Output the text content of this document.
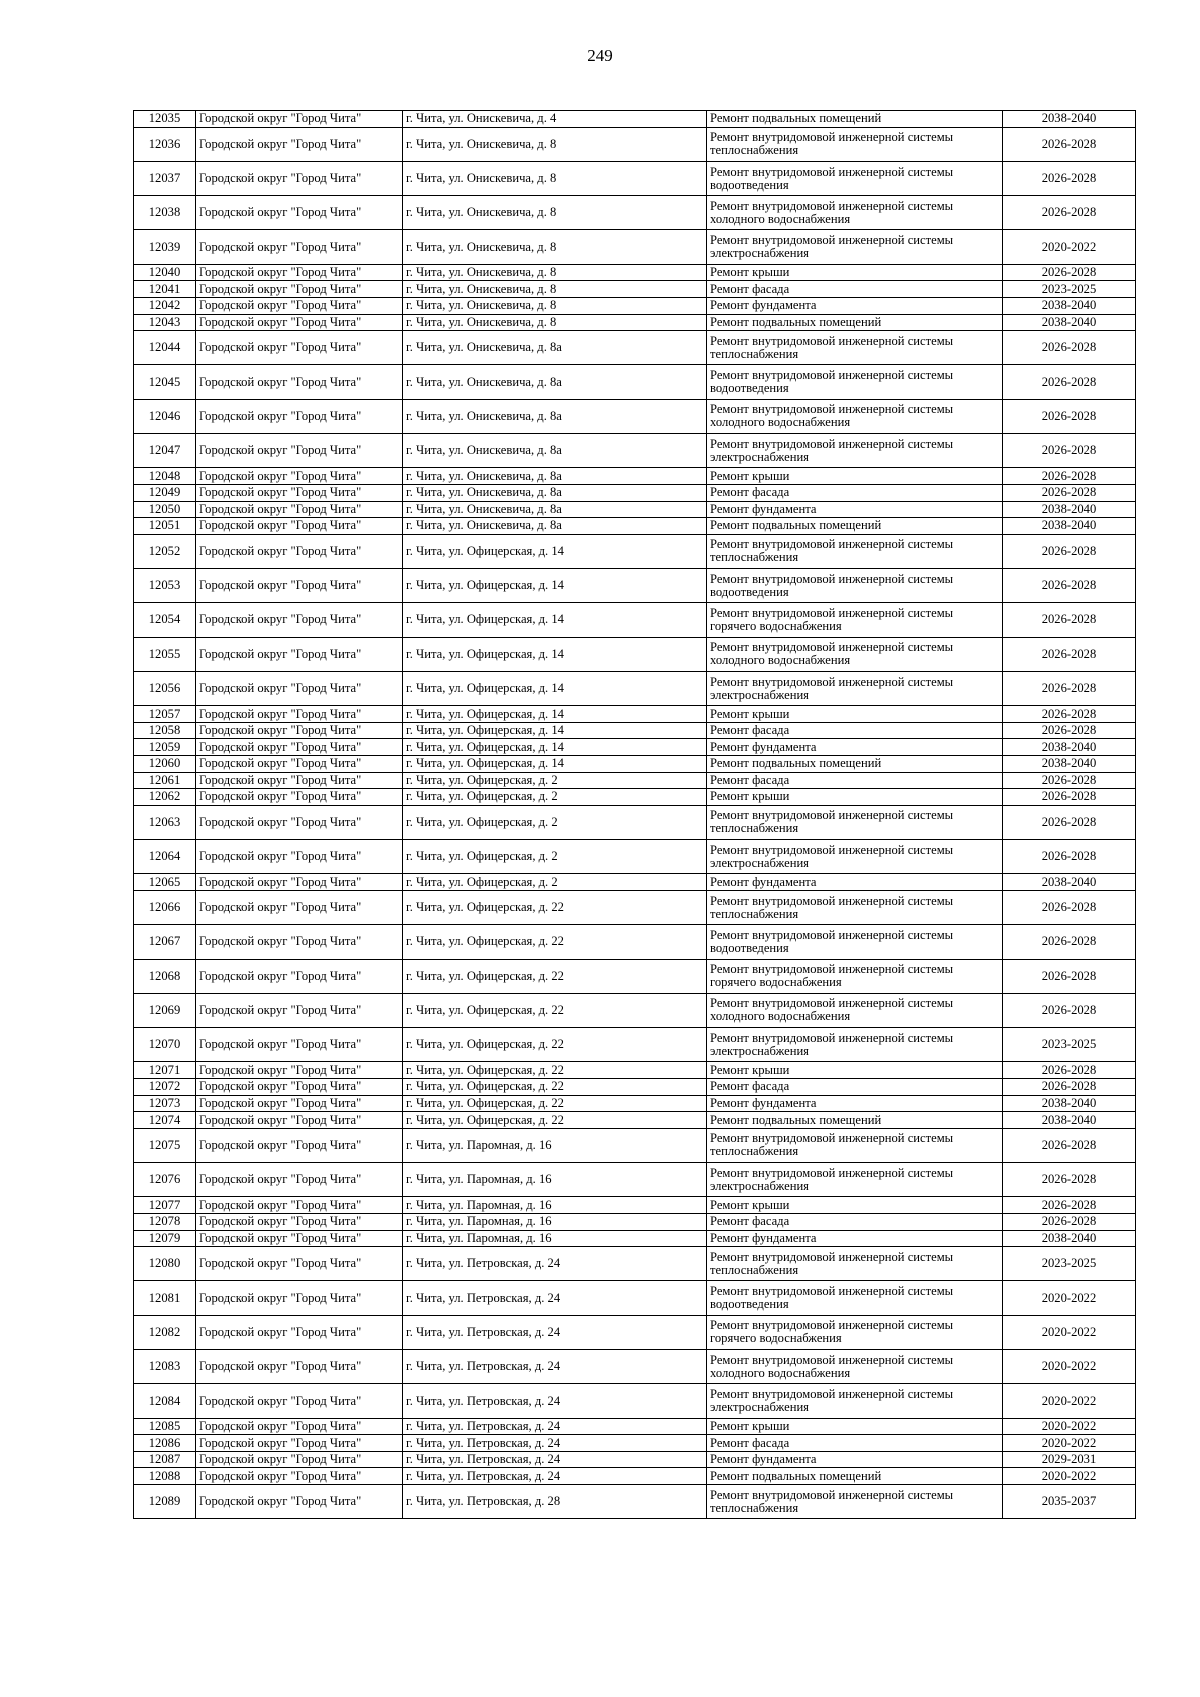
249
12035	Городской округ "Город Чита"	г. Чита, ул. Онискевича, д. 4	Ремонт подвальных помещений	2038-2040
12036	Городской округ "Город Чита"	г. Чита, ул. Онискевича, д. 8	Ремонт внутридомовой инженерной системы теплоснабжения	2026-2028
12037	Городской округ "Город Чита"	г. Чита, ул. Онискевича, д. 8	Ремонт внутридомовой инженерной системы водоотведения	2026-2028
12038	Городской округ "Город Чита"	г. Чита, ул. Онискевича, д. 8	Ремонт внутридомовой инженерной системы холодного водоснабжения	2026-2028
12039	Городской округ "Город Чита"	г. Чита, ул. Онискевича, д. 8	Ремонт внутридомовой инженерной системы электроснабжения	2020-2022
12040	Городской округ "Город Чита"	г. Чита, ул. Онискевича, д. 8	Ремонт крыши	2026-2028
12041	Городской округ "Город Чита"	г. Чита, ул. Онискевича, д. 8	Ремонт фасада	2023-2025
12042	Городской округ "Город Чита"	г. Чита, ул. Онискевича, д. 8	Ремонт фундамента	2038-2040
12043	Городской округ "Город Чита"	г. Чита, ул. Онискевича, д. 8	Ремонт подвальных помещений	2038-2040
12044	Городской округ "Город Чита"	г. Чита, ул. Онискевича, д. 8а	Ремонт внутридомовой инженерной системы теплоснабжения	2026-2028
12045	Городской округ "Город Чита"	г. Чита, ул. Онискевича, д. 8а	Ремонт внутридомовой инженерной системы водоотведения	2026-2028
12046	Городской округ "Город Чита"	г. Чита, ул. Онискевича, д. 8а	Ремонт внутридомовой инженерной системы холодного водоснабжения	2026-2028
12047	Городской округ "Город Чита"	г. Чита, ул. Онискевича, д. 8а	Ремонт внутридомовой инженерной системы электроснабжения	2026-2028
12048	Городской округ "Город Чита"	г. Чита, ул. Онискевича, д. 8а	Ремонт крыши	2026-2028
12049	Городской округ "Город Чита"	г. Чита, ул. Онискевича, д. 8а	Ремонт фасада	2026-2028
12050	Городской округ "Город Чита"	г. Чита, ул. Онискевича, д. 8а	Ремонт фундамента	2038-2040
12051	Городской округ "Город Чита"	г. Чита, ул. Онискевича, д. 8а	Ремонт подвальных помещений	2038-2040
12052	Городской округ "Город Чита"	г. Чита, ул. Офицерская, д. 14	Ремонт внутридомовой инженерной системы теплоснабжения	2026-2028
12053	Городской округ "Город Чита"	г. Чита, ул. Офицерская, д. 14	Ремонт внутридомовой инженерной системы водоотведения	2026-2028
12054	Городской округ "Город Чита"	г. Чита, ул. Офицерская, д. 14	Ремонт внутридомовой инженерной системы горячего водоснабжения	2026-2028
12055	Городской округ "Город Чита"	г. Чита, ул. Офицерская, д. 14	Ремонт внутридомовой инженерной системы холодного водоснабжения	2026-2028
12056	Городской округ "Город Чита"	г. Чита, ул. Офицерская, д. 14	Ремонт внутридомовой инженерной системы электроснабжения	2026-2028
12057	Городской округ "Город Чита"	г. Чита, ул. Офицерская, д. 14	Ремонт крыши	2026-2028
12058	Городской округ "Город Чита"	г. Чита, ул. Офицерская, д. 14	Ремонт фасада	2026-2028
12059	Городской округ "Город Чита"	г. Чита, ул. Офицерская, д. 14	Ремонт фундамента	2038-2040
12060	Городской округ "Город Чита"	г. Чита, ул. Офицерская, д. 14	Ремонт подвальных помещений	2038-2040
12061	Городской округ "Город Чита"	г. Чита, ул. Офицерская, д. 2	Ремонт фасада	2026-2028
12062	Городской округ "Город Чита"	г. Чита, ул. Офицерская, д. 2	Ремонт крыши	2026-2028
12063	Городской округ "Город Чита"	г. Чита, ул. Офицерская, д. 2	Ремонт внутридомовой инженерной системы теплоснабжения	2026-2028
12064	Городской округ "Город Чита"	г. Чита, ул. Офицерская, д. 2	Ремонт внутридомовой инженерной системы электроснабжения	2026-2028
12065	Городской округ "Город Чита"	г. Чита, ул. Офицерская, д. 2	Ремонт фундамента	2038-2040
12066	Городской округ "Город Чита"	г. Чита, ул. Офицерская, д. 22	Ремонт внутридомовой инженерной системы теплоснабжения	2026-2028
12067	Городской округ "Город Чита"	г. Чита, ул. Офицерская, д. 22	Ремонт внутридомовой инженерной системы водоотведения	2026-2028
12068	Городской округ "Город Чита"	г. Чита, ул. Офицерская, д. 22	Ремонт внутридомовой инженерной системы горячего водоснабжения	2026-2028
12069	Городской округ "Город Чита"	г. Чита, ул. Офицерская, д. 22	Ремонт внутридомовой инженерной системы холодного водоснабжения	2026-2028
12070	Городской округ "Город Чита"	г. Чита, ул. Офицерская, д. 22	Ремонт внутридомовой инженерной системы электроснабжения	2023-2025
12071	Городской округ "Город Чита"	г. Чита, ул. Офицерская, д. 22	Ремонт крыши	2026-2028
12072	Городской округ "Город Чита"	г. Чита, ул. Офицерская, д. 22	Ремонт фасада	2026-2028
12073	Городской округ "Город Чита"	г. Чита, ул. Офицерская, д. 22	Ремонт фундамента	2038-2040
12074	Городской округ "Город Чита"	г. Чита, ул. Офицерская, д. 22	Ремонт подвальных помещений	2038-2040
12075	Городской округ "Город Чита"	г. Чита, ул. Паромная, д. 16	Ремонт внутридомовой инженерной системы теплоснабжения	2026-2028
12076	Городской округ "Город Чита"	г. Чита, ул. Паромная, д. 16	Ремонт внутридомовой инженерной системы электроснабжения	2026-2028
12077	Городской округ "Город Чита"	г. Чита, ул. Паромная, д. 16	Ремонт крыши	2026-2028
12078	Городской округ "Город Чита"	г. Чита, ул. Паромная, д. 16	Ремонт фасада	2026-2028
12079	Городской округ "Город Чита"	г. Чита, ул. Паромная, д. 16	Ремонт фундамента	2038-2040
12080	Городской округ "Город Чита"	г. Чита, ул. Петровская, д. 24	Ремонт внутридомовой инженерной системы теплоснабжения	2023-2025
12081	Городской округ "Город Чита"	г. Чита, ул. Петровская, д. 24	Ремонт внутридомовой инженерной системы водоотведения	2020-2022
12082	Городской округ "Город Чита"	г. Чита, ул. Петровская, д. 24	Ремонт внутридомовой инженерной системы горячего водоснабжения	2020-2022
12083	Городской округ "Город Чита"	г. Чита, ул. Петровская, д. 24	Ремонт внутридомовой инженерной системы холодного водоснабжения	2020-2022
12084	Городской округ "Город Чита"	г. Чита, ул. Петровская, д. 24	Ремонт внутридомовой инженерной системы электроснабжения	2020-2022
12085	Городской округ "Город Чита"	г. Чита, ул. Петровская, д. 24	Ремонт крыши	2020-2022
12086	Городской округ "Город Чита"	г. Чита, ул. Петровская, д. 24	Ремонт фасада	2020-2022
12087	Городской округ "Город Чита"	г. Чита, ул. Петровская, д. 24	Ремонт фундамента	2029-2031
12088	Городской округ "Город Чита"	г. Чита, ул. Петровская, д. 24	Ремонт подвальных помещений	2020-2022
12089	Городской округ "Город Чита"	г. Чита, ул. Петровская, д. 28	Ремонт внутридомовой инженерной системы теплоснабжения	2035-2037
